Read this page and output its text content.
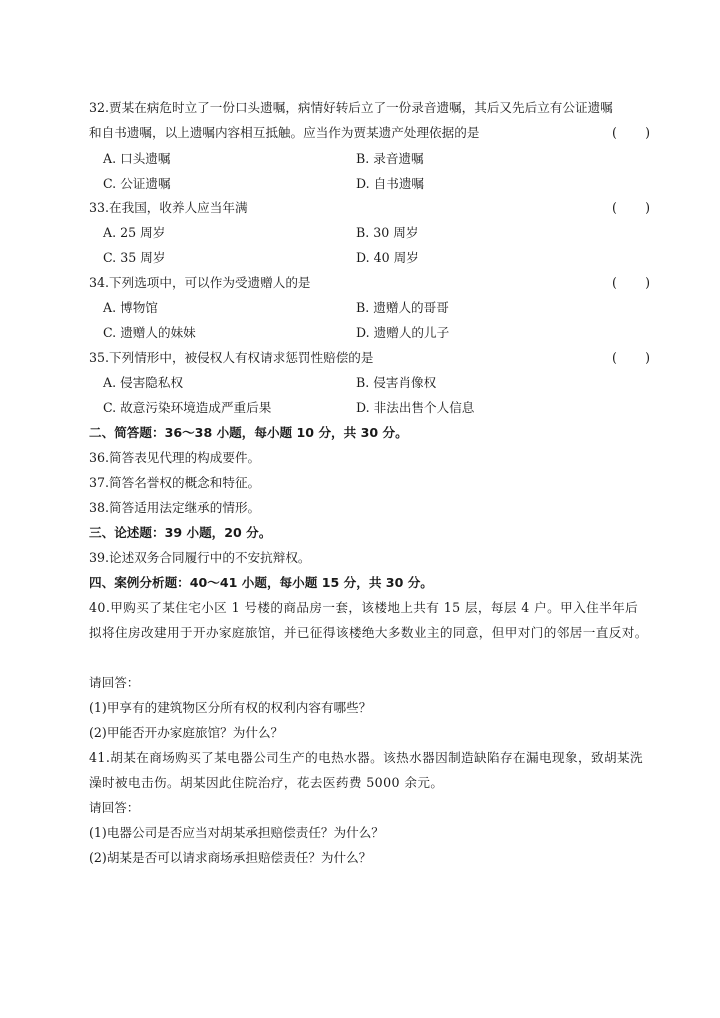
32.贾某在病危时立了一份口头遗嘱，病情好转后立了一份录音遗嘱，其后又先后立有公证遗嘱
和自书遗嘱，以上遗嘱内容相互抵触。应当作为贾某遗产处理依据的是	(　　)
A. 口头遗嘱	B. 录音遗嘱
C. 公证遗嘱	D. 自书遗嘱
33.在我国，收养人应当年满	(　　)
A. 25 周岁	B. 30 周岁
C. 35 周岁	D. 40 周岁
34.下列选项中，可以作为受遗赠人的是	(　　)
A. 博物馆	B. 遗赠人的哥哥
C. 遗赠人的妹妹	D. 遗赠人的儿子
35.下列情形中，被侵权人有权请求惩罚性赔偿的是	(　　)
A. 侵害隐私权	B. 侵害肖像权
C. 故意污染环境造成严重后果	D. 非法出售个人信息
二、简答题：36～38 小题，每小题 10 分，共 30 分。
36.简答表见代理的构成要件。
37.简答名誉权的概念和特征。
38.简答适用法定继承的情形。
三、论述题：39 小题，20 分。
39.论述双务合同履行中的不安抗辩权。
四、案例分析题：40～41 小题，每小题 15 分，共 30 分。

40.甲购买了某住宅小区 1 号楼的商品房一套，该楼地上共有 15 层，每层 4 户。甲入住半年后拟将住房改建用于开办家庭旅馆，并已征得该楼绝大多数业主的同意，但甲对门的邻居一直反对。

请回答：
(1)甲享有的建筑物区分所有权的权利内容有哪些？
(2)甲能否开办家庭旅馆？为什么？

41.胡某在商场购买了某电器公司生产的电热水器。该热水器因制造缺陷存在漏电现象，致胡某洗澡时被电击伤。胡某因此住院治疗，花去医药费 5000 余元。

请回答：
(1)电器公司是否应当对胡某承担赔偿责任？为什么？
(2)胡某是否可以请求商场承担赔偿责任？为什么？
